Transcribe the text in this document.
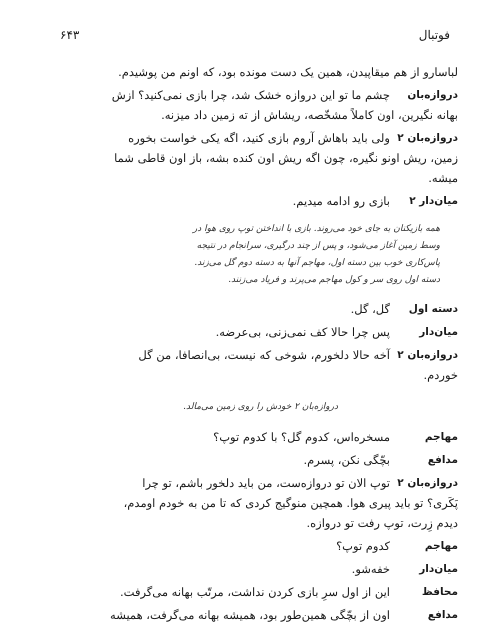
فوتبال
۶۴۳
لباسارو از هم میقاپیدن، همین یک دست مونده بود، که اونم من پوشیدم.
دروازه‌بان
چشم ما تو این دروازه خشک شد، چرا بازی نمی‌کنید؟ ازش
بهانه نگیرین، اون کاملاً مشخّصه، ریشاش از ته زمین داد میزنه.
دروازه‌بان ۲
ولی باید باهاش آروم بازی کنید، اگه یکی خواست بخوره
زمین، ریش اونو نگیره، چون اگه ریش اون کنده بشه، باز اون قاطی شما
میشه.
میان‌دار ۲
بازی رو ادامه میدیم.
همه بازیکنان به جای خود می‌روند. بازی با انداختن توپ روی هوا در
وسط زمین آغاز می‌شود، و پس از چند درگیری، سرانجام در نتیجه
پاس‌کاری خوب بین دسته اول، مهاجم آنها به دسته دوم گل می‌زند.
دسته اول روی سر و کول مهاجم می‌پرند و فریاد می‌زنند.
دسته اول
گل، گل.
میان‌دار
پس چرا حالا کف نمی‌زنی، بی‌عرضه.
دروازه‌بان ۲
آخه حالا دلخورم، شوخی که نیست، بی‌انصافا، من گل
خوردم.
دروازه‌بان ۲ خودش را روی زمین می‌مالد.
مهاجم
مسخره‌اس، کدوم گل؟ با کدوم توپ؟
مدافع
بچّگی نکن، پسرم.
دروازه‌بان ۲
توپ الان تو دروازه‌ست، من باید دلخور باشم، تو چرا
پَکَری؟ تو باید پیری هوا. همچین منوگیج کردی که تا من به خودم اومدم،
دیدم زِرت، توپ رفت تو دروازه.
مهاجم
کدوم توپ؟
میان‌دار
خفه‌شو.
محافظ
این از اول سرِ بازی کردن نداشت، مرتّب بهانه می‌گرفت.
مدافع
اون از بچّگی همین‌طور بود، همیشه بهانه می‌گرفت، همیشه
